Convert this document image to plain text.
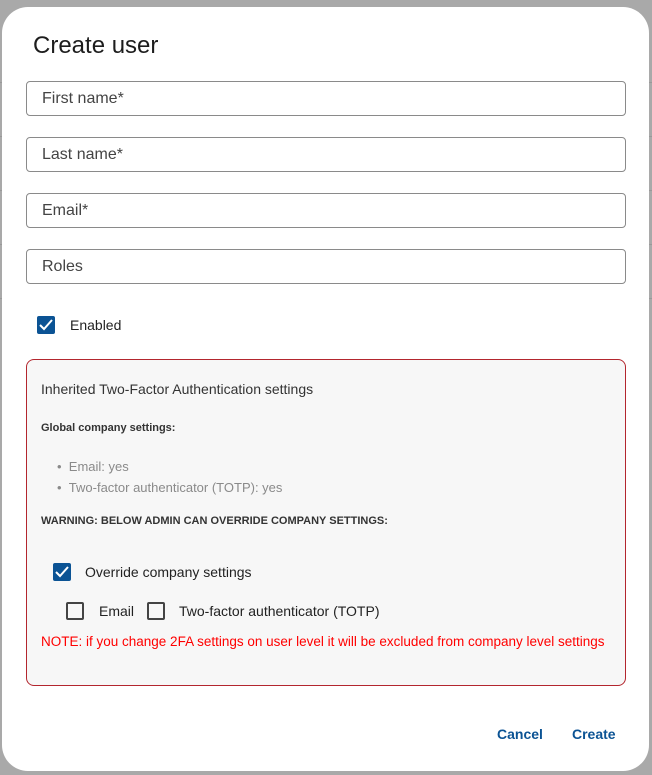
Create user
First name*
Last name*
Email*
Roles
Enabled
Inherited Two-Factor Authentication settings
Global company settings:
•  Email: yes
•  Two-factor authenticator (TOTP): yes
WARNING: BELOW ADMIN CAN OVERRIDE COMPANY SETTINGS:
Override company settings
Email	Two-factor authenticator (TOTP)
NOTE: if you change 2FA settings on user level it will be excluded from company level settings
Cancel Create
